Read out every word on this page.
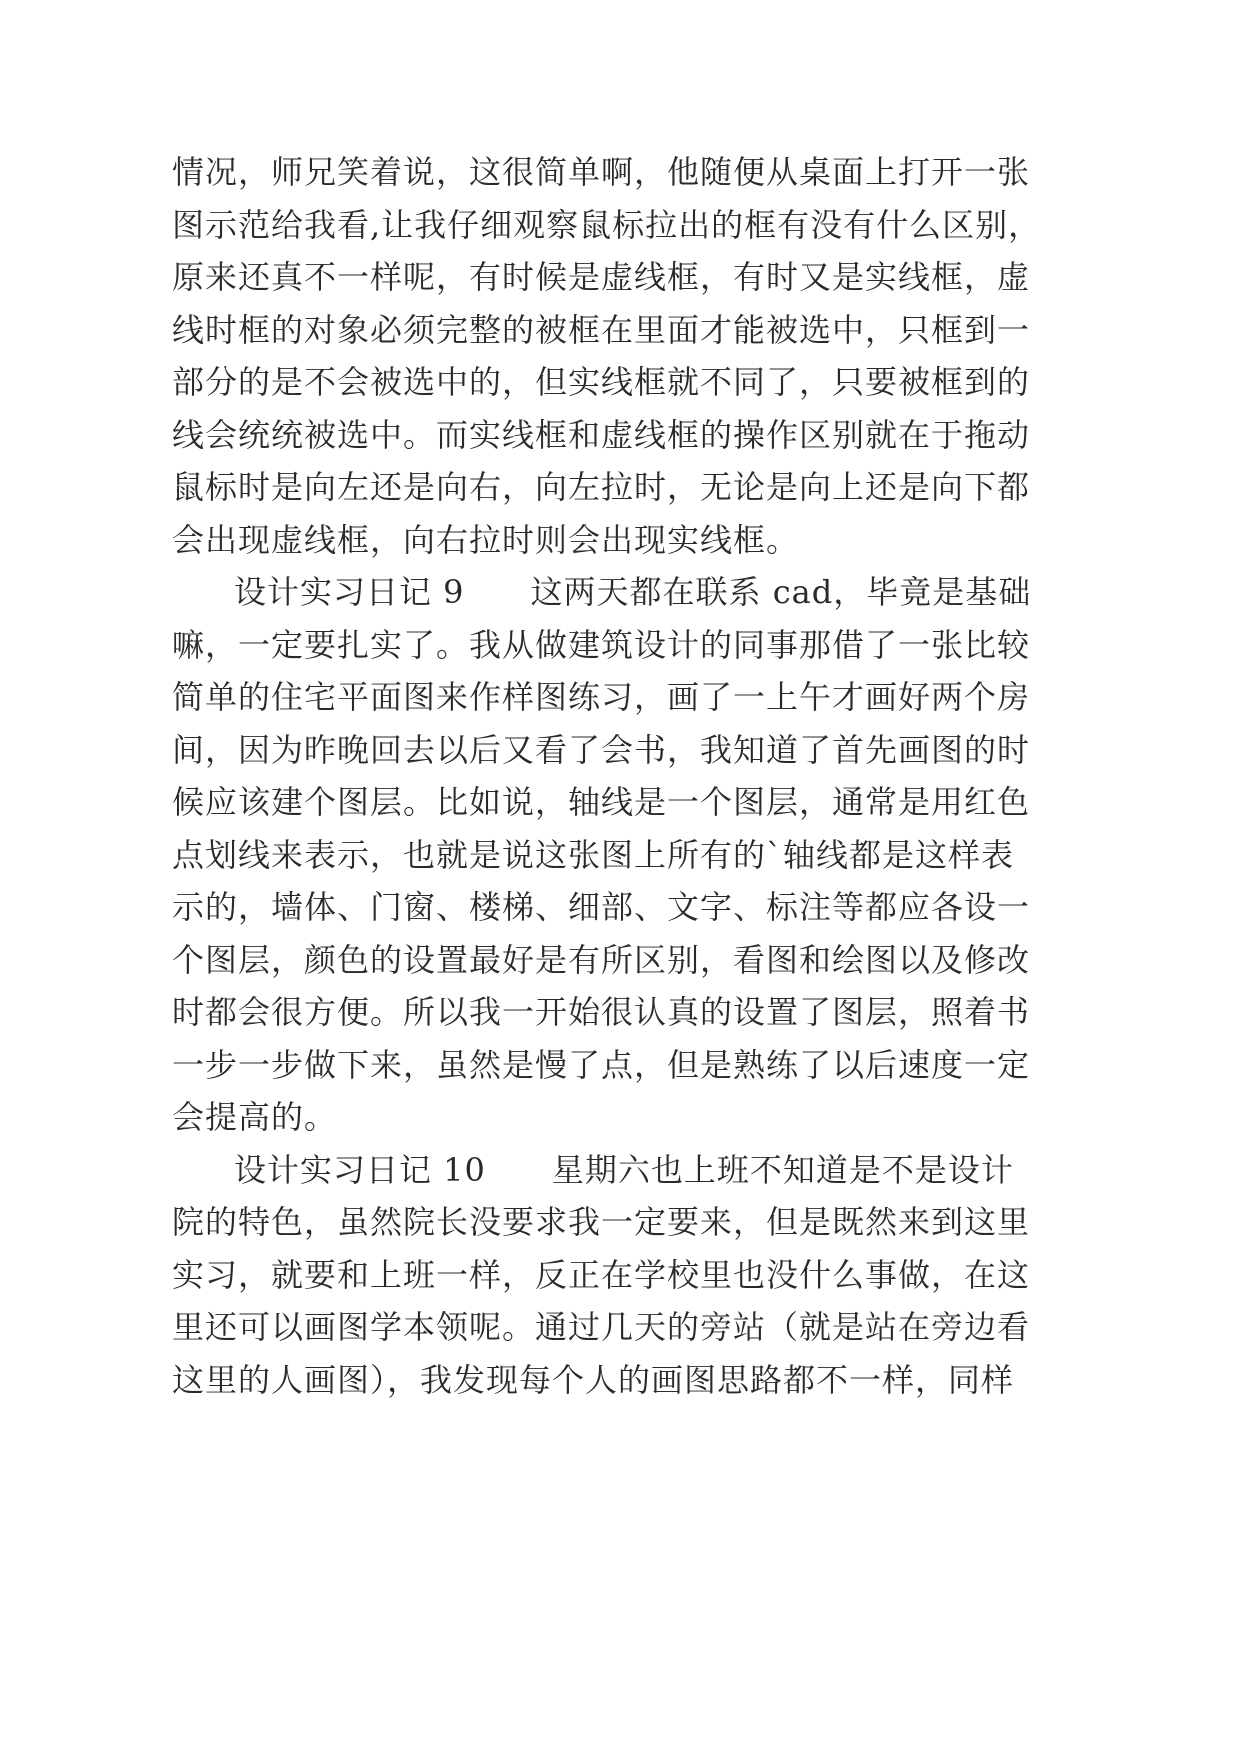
情况，师兄笑着说，这很简单啊，他随便从桌面上打开一张
图示范给我看,让我仔细观察鼠标拉出的框有没有什么区别，
原来还真不一样呢，有时候是虚线框，有时又是实线框，虚
线时框的对象必须完整的被框在里面才能被选中，只框到一
部分的是不会被选中的，但实线框就不同了，只要被框到的
线会统统被选中。而实线框和虚线框的操作区别就在于拖动
鼠标时是向左还是向右，向左拉时，无论是向上还是向下都
会出现虚线框，向右拉时则会出现实线框。
设计实习日记 9　　这两天都在联系 cad，毕竟是基础
嘛，一定要扎实了。我从做建筑设计的同事那借了一张比较
简单的住宅平面图来作样图练习，画了一上午才画好两个房
间，因为昨晚回去以后又看了会书，我知道了首先画图的时
候应该建个图层。比如说，轴线是一个图层，通常是用红色
点划线来表示，也就是说这张图上所有的`轴线都是这样表
示的，墙体、门窗、楼梯、细部、文字、标注等都应各设一
个图层，颜色的设置最好是有所区别，看图和绘图以及修改
时都会很方便。所以我一开始很认真的设置了图层，照着书
一步一步做下来，虽然是慢了点，但是熟练了以后速度一定
会提高的。
设计实习日记 10　　星期六也上班不知道是不是设计
院的特色，虽然院长没要求我一定要来，但是既然来到这里
实习，就要和上班一样，反正在学校里也没什么事做，在这
里还可以画图学本领呢。通过几天的旁站（就是站在旁边看
这里的人画图），我发现每个人的画图思路都不一样，同样
